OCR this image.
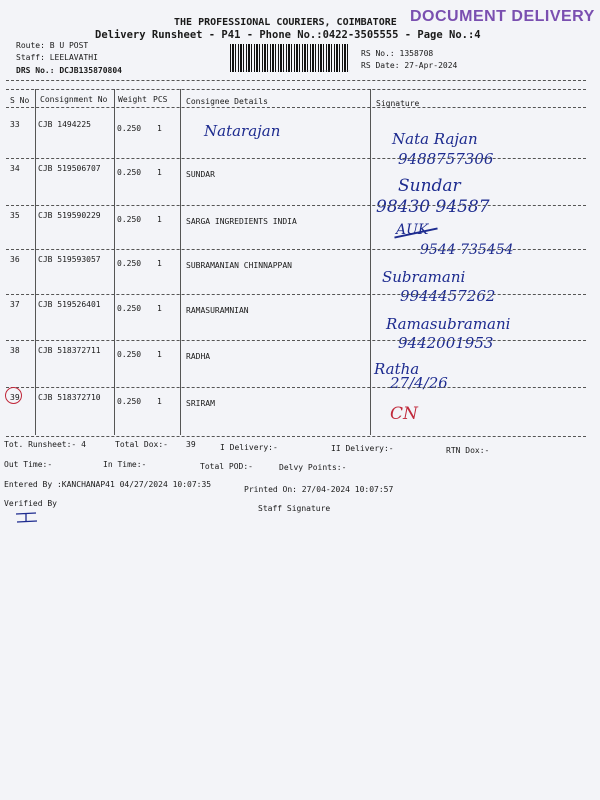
THE PROFESSIONAL COURIERS, COIMBATORE DOCUMENT DELIVERY
Delivery Runsheet - P41 - Phone No.:0422-3505555 - Page No.:4
Route: B U POST
Staff: LEELAVATHI
DRS No.: DCJB135870804
RS No.: 1358708
RS Date: 27-Apr-2024
S No Consignment No Weight PCS Consignee Details	Signature
33 CJB 1494225	0.250 1	Natarajan	Nata Rajan
9488757306
34 CJB 519506707 0.250 1	SUNDAR
Sundar
98430 94587
35 CJB 519590229 0.250 1	SARGA INGREDIENTS INDIA
AUK
9544 735454
36 CJB 519593057 0.250 1	SUBRAMANIAN CHINNAPPAN
Subramani
9944457262
37 CJB 519526401 0.250 1	RAMASURAMNIAN
Ramasubramani
9442001953
38 CJB 518372711 0.250 1	RADHA
Ratha
27/4/26
39 CJB 518372710 0.250 1	SRIRAM
CN
Tot. Runsheet:- 4	Total Dox:- 39	I Delivery:-	II Delivery:-	RTN Dox:-
Out Time:-	In Time:-	Total POD:-	Delvy Points:-
Entered By :KANCHANAP41 04/27/2024 10:07:35
Printed On: 27/04-2024 10:07:57
Verified By
Staff Signature
